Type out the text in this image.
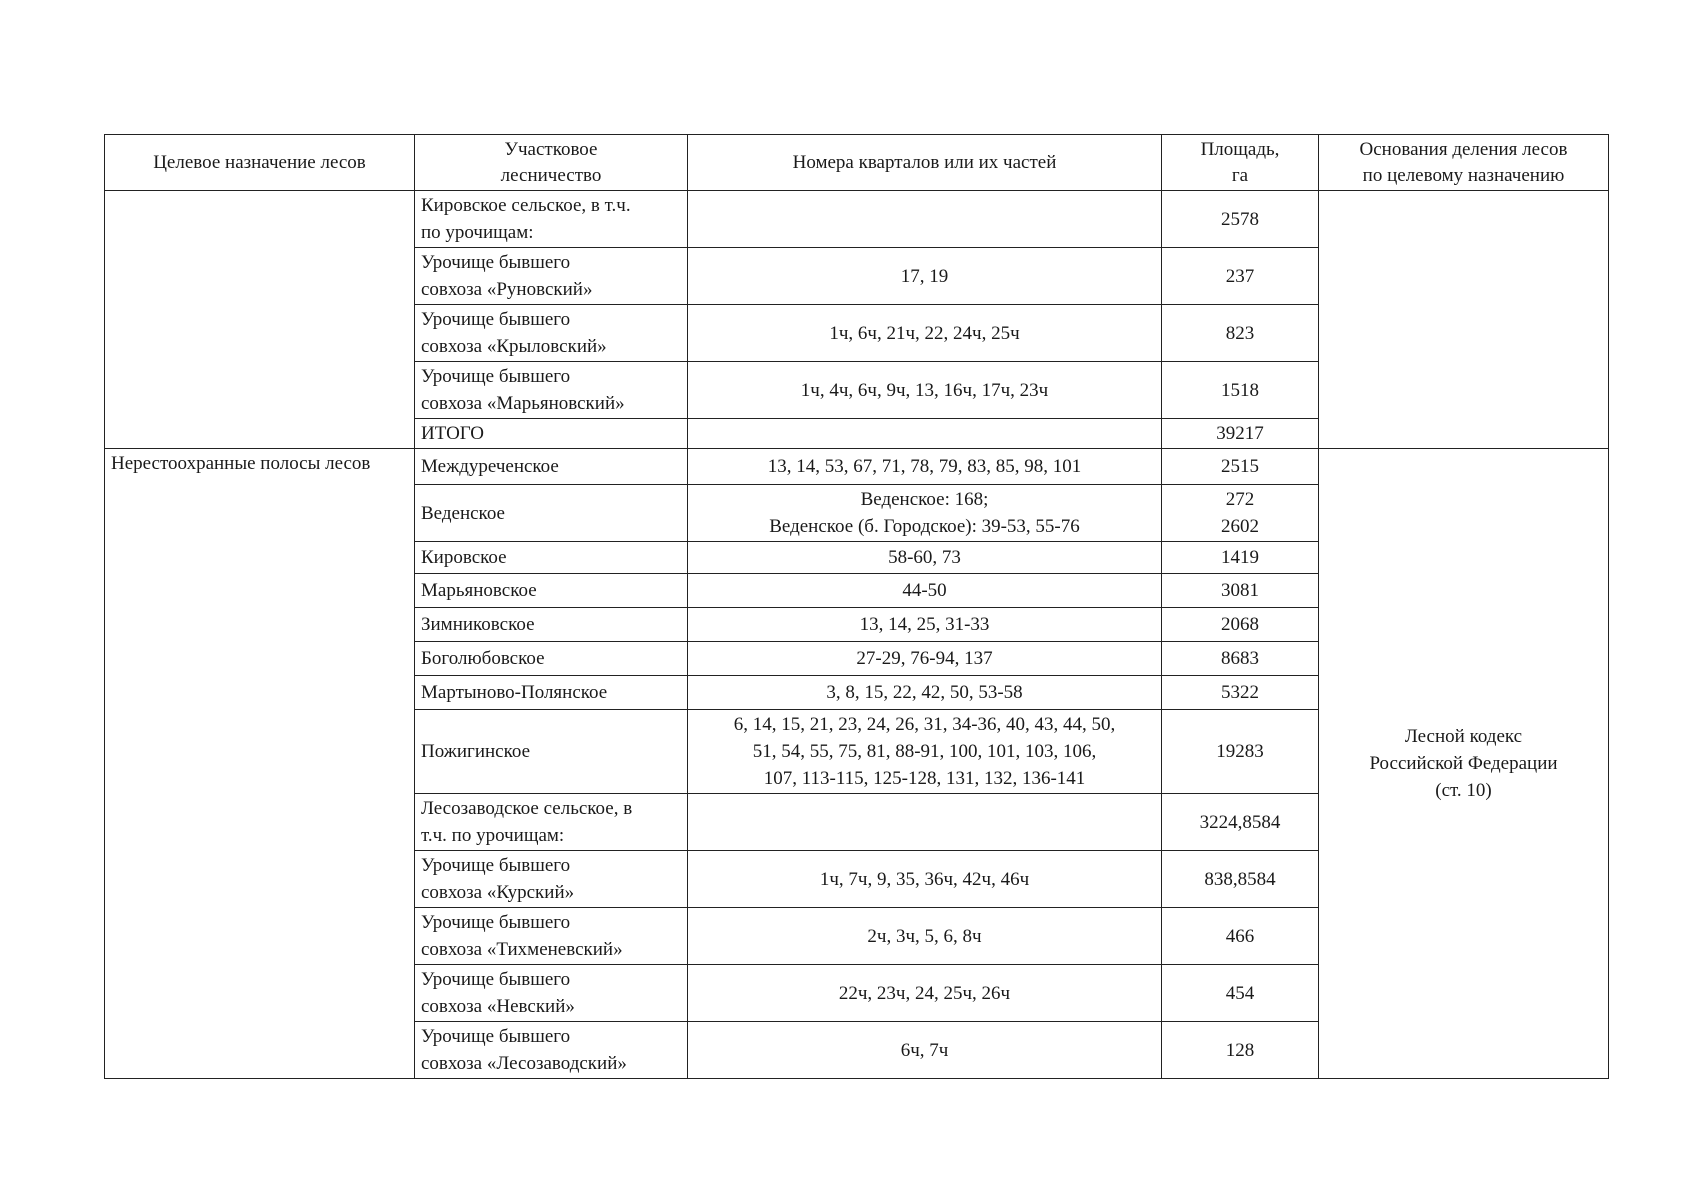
Целевое назначение лесов	Участковое
лесничество	Номера кварталов или их частей	Площадь,
га	Основания деления лесов
по целевому назначению

	Кировское сельское, в т.ч.
по урочищам:		2578	

	Урочище бывшего
совхоза «Руновский»	17, 19	237	

	Урочище бывшего
совхоза «Крыловский»	1ч, 6ч, 21ч, 22, 24ч, 25ч	823	

	Урочище бывшего
совхоза «Марьяновский»	1ч, 4ч, 6ч, 9ч, 13, 16ч, 17ч, 23ч	1518	

	ИТОГО		39217	

Нерестоохранные полосы лесов	Междуреченское	13, 14, 53, 67, 71, 78, 79, 83, 85, 98, 101	2515	Лесной кодекс
Российской Федерации
(ст. 10)

	Веденское	Веденское: 168;
Веденское (б. Городское): 39-53, 55-76	272
2602	

	Кировское	58-60, 73	1419	

	Марьяновское	44-50	3081	

	Зимниковское	13, 14, 25, 31-33	2068	

	Боголюбовское	27-29, 76-94, 137	8683	

	Мартыново-Полянское	3, 8, 15, 22, 42, 50, 53-58	5322	

	Пожигинское	6, 14, 15, 21, 23, 24, 26, 31, 34-36, 40, 43, 44, 50,
51, 54, 55, 75, 81, 88-91, 100, 101, 103, 106,
107, 113-115, 125-128, 131, 132, 136-141	19283	

	Лесозаводское сельское, в
т.ч. по урочищам:		3224,8584	

	Урочище бывшего
совхоза «Курский»	1ч, 7ч, 9, 35, 36ч, 42ч, 46ч	838,8584	

	Урочище бывшего
совхоза «Тихменевский»	2ч, 3ч, 5, 6, 8ч	466	

	Урочище бывшего
совхоза «Невский»	22ч, 23ч, 24, 25ч, 26ч	454	

	Урочище бывшего
совхоза «Лесозаводский»	6ч, 7ч	128	
